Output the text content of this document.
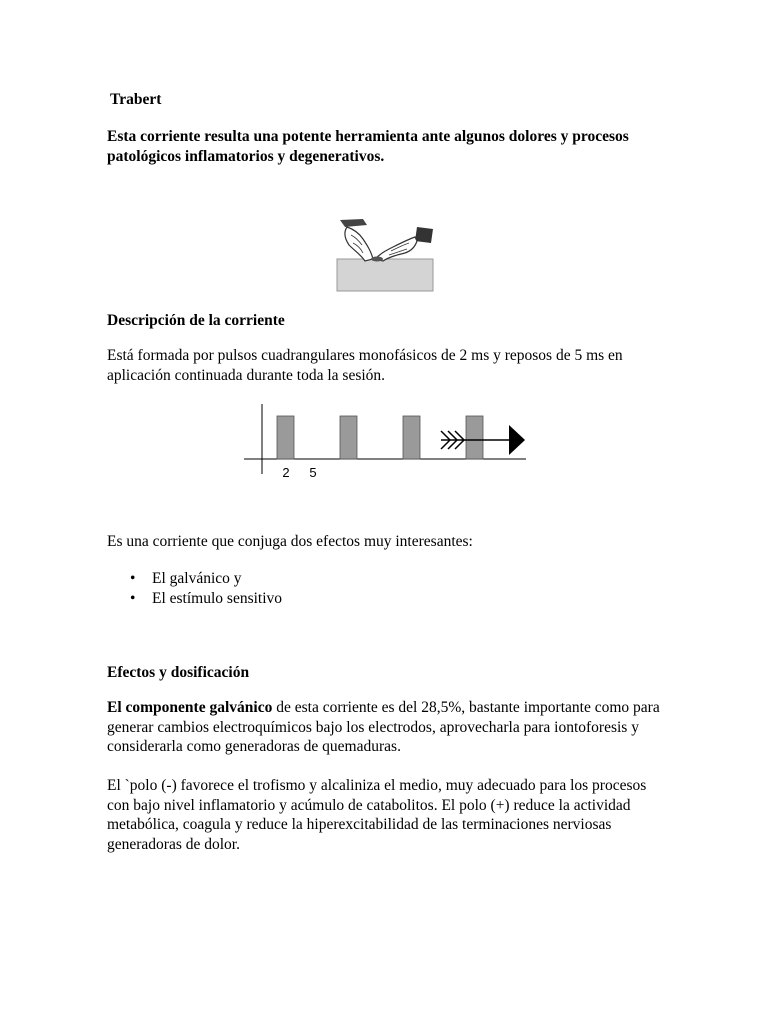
Trabert
Esta corriente resulta una potente herramienta ante algunos dolores y procesos patológicos inflamatorios y degenerativos.
Descripción de la corriente
Está formada por pulsos cuadrangulares monofásicos de 2 ms y reposos de 5 ms en aplicación continuada durante toda la sesión.
2 5
Es una corriente que conjuga dos efectos muy interesantes:
• El galvánico y
• El estímulo sensitivo
Efectos y dosificación
El componente galvánico de esta corriente es del 28,5%, bastante importante como para generar cambios electroquímicos bajo los electrodos, aprovecharla para iontoforesis y considerarla como generadoras de quemaduras.
El `polo (-) favorece el trofismo y alcaliniza el medio, muy adecuado para los procesos con bajo nivel inflamatorio y acúmulo de catabolitos. El polo (+) reduce la actividad metabólica, coagula y reduce la hiperexcitabilidad de las terminaciones nerviosas generadoras de dolor.
